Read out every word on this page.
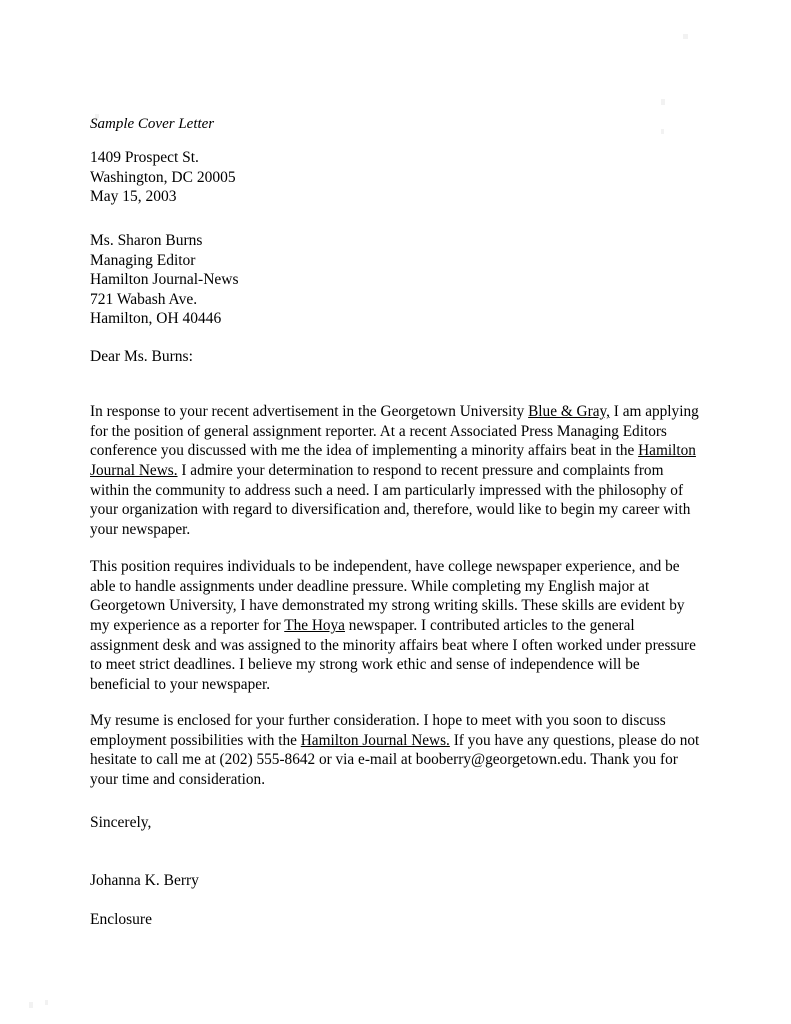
Sample Cover Letter
1409 Prospect St.
Washington, DC 20005
May 15, 2003
Ms. Sharon Burns
Managing Editor
Hamilton Journal-News
721 Wabash Ave.
Hamilton, OH 40446
Dear Ms. Burns:

In response to your recent advertisement in the Georgetown University Blue & Gray, I am applying for the position of general assignment reporter. At a recent Associated Press Managing Editors conference you discussed with me the idea of implementing a minority affairs beat in the Hamilton Journal News. I admire your determination to respond to recent pressure and complaints from within the community to address such a need. I am particularly impressed with the philosophy of your organization with regard to diversification and, therefore, would like to begin my career with your newspaper.

This position requires individuals to be independent, have college newspaper experience, and be able to handle assignments under deadline pressure. While completing my English major at Georgetown University, I have demonstrated my strong writing skills. These skills are evident by my experience as a reporter for The Hoya newspaper. I contributed articles to the general assignment desk and was assigned to the minority affairs beat where I often worked under pressure to meet strict deadlines. I believe my strong work ethic and sense of independence will be beneficial to your newspaper.

My resume is enclosed for your further consideration. I hope to meet with you soon to discuss employment possibilities with the Hamilton Journal News. If you have any questions, please do not hesitate to call me at (202) 555-8642 or via e-mail at booberry@georgetown.edu. Thank you for your time and consideration.

Sincerely,
Johanna K. Berry
Enclosure
